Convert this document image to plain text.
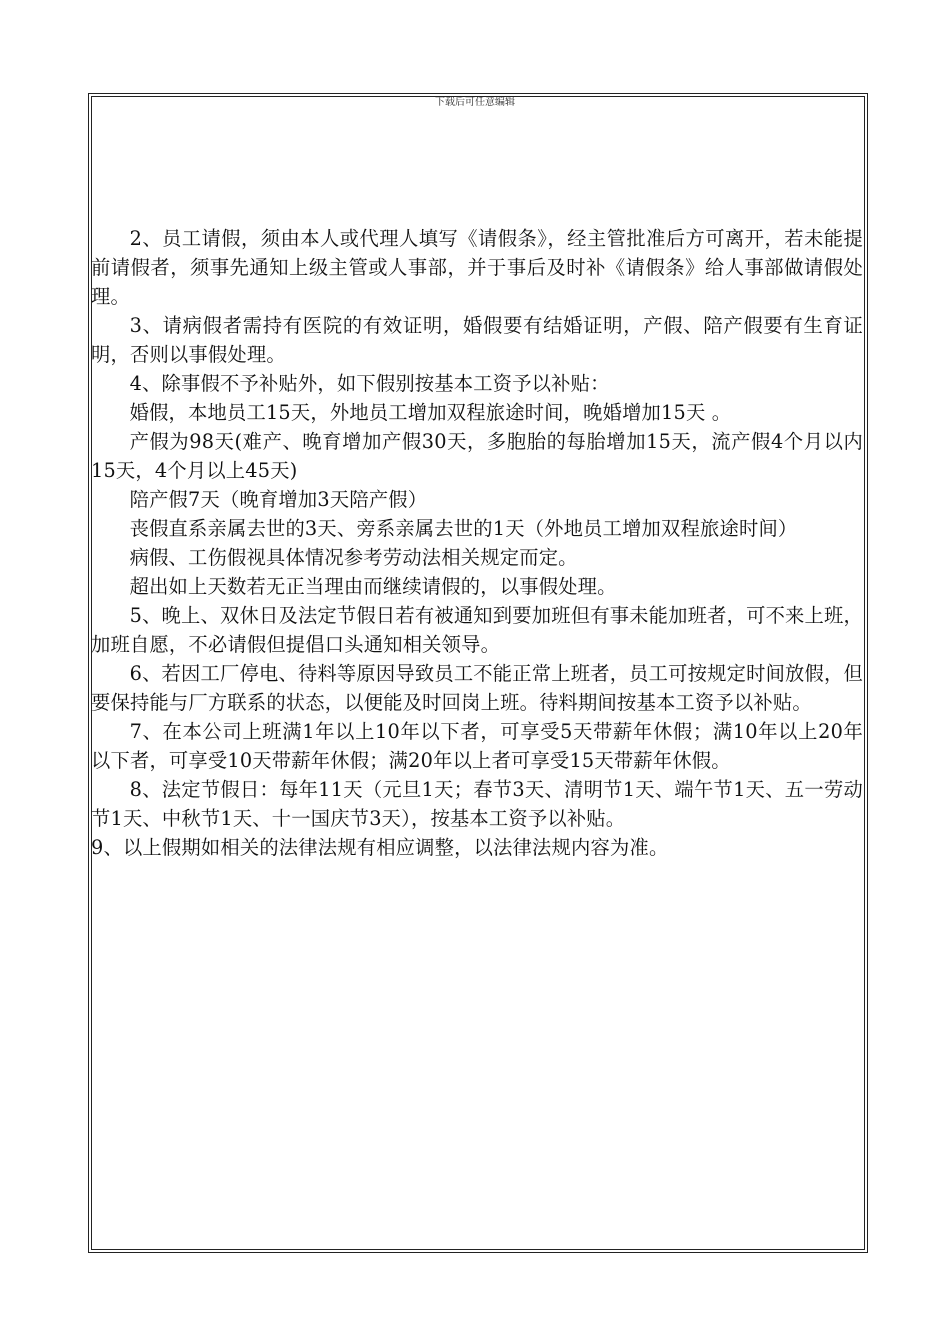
下载后可任意编辑

2、员工请假，须由本人或代理人填写《请假条》，经主管批准后方可离开，若未能提前请假者，须事先通知上级主管或人事部，并于事后及时补《请假条》给人事部做请假处理。

3、请病假者需持有医院的有效证明，婚假要有结婚证明，产假、陪产假要有生育证明，否则以事假处理。

4、除事假不予补贴外，如下假别按基本工资予以补贴：

婚假，本地员工15天，外地员工增加双程旅途时间，晚婚增加15天 。

产假为98天(难产、晚育增加产假30天，多胞胎的每胎增加15天，流产假4个月以内15天，4个月以上45天)

陪产假7天（晚育增加3天陪产假）

丧假直系亲属去世的3天、旁系亲属去世的1天（外地员工增加双程旅途时间）

病假、工伤假视具体情况参考劳动法相关规定而定。

超出如上天数若无正当理由而继续请假的，以事假处理。

5、晚上、双休日及法定节假日若有被通知到要加班但有事未能加班者，可不来上班，加班自愿，不必请假但提倡口头通知相关领导。

6、若因工厂停电、待料等原因导致员工不能正常上班者，员工可按规定时间放假，但要保持能与厂方联系的状态，以便能及时回岗上班。待料期间按基本工资予以补贴。

7、在本公司上班满1年以上10年以下者，可享受5天带薪年休假；满10年以上20年以下者，可享受10天带薪年休假；满20年以上者可享受15天带薪年休假。

8、法定节假日：每年11天（元旦1天；春节3天、清明节1天、端午节1天、五一劳动节1天、中秋节1天、十一国庆节3天），按基本工资予以补贴。

9、以上假期如相关的法律法规有相应调整，以法律法规内容为准。
